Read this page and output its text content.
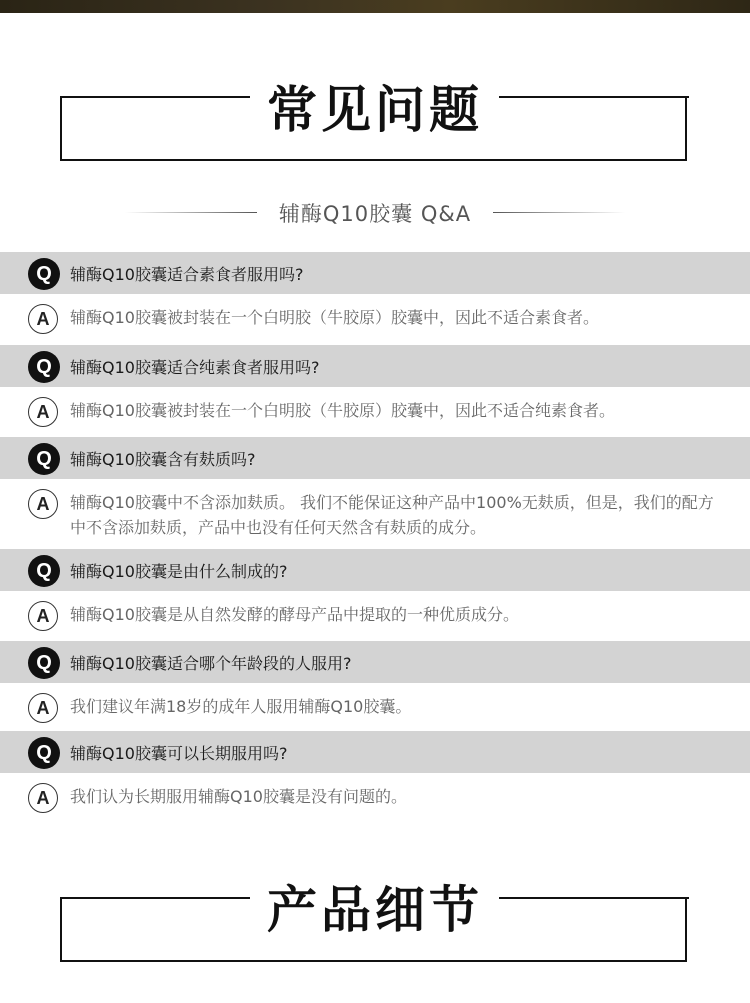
常见问题
辅酶Q10胶囊 Q&A
Q	辅酶Q10胶囊适合素食者服用吗?
A	辅酶Q10胶囊被封装在一个白明胶（牛胶原）胶囊中，因此不适合素食者。
Q	辅酶Q10胶囊适合纯素食者服用吗?
A	辅酶Q10胶囊被封装在一个白明胶（牛胶原）胶囊中，因此不适合纯素食者。
Q	辅酶Q10胶囊含有麸质吗?
A	辅酶Q10胶囊中不含添加麸质。 我们不能保证这种产品中100%无麸质，但是，我们的配方中不含添加麸质，产品中也没有任何天然含有麸质的成分。
Q	辅酶Q10胶囊是由什么制成的?
A	辅酶Q10胶囊是从自然发酵的酵母产品中提取的一种优质成分。
Q	辅酶Q10胶囊适合哪个年龄段的人服用?
A	我们建议年满18岁的成年人服用辅酶Q10胶囊。
Q	辅酶Q10胶囊可以长期服用吗?
A	我们认为长期服用辅酶Q10胶囊是没有问题的。
产品细节
